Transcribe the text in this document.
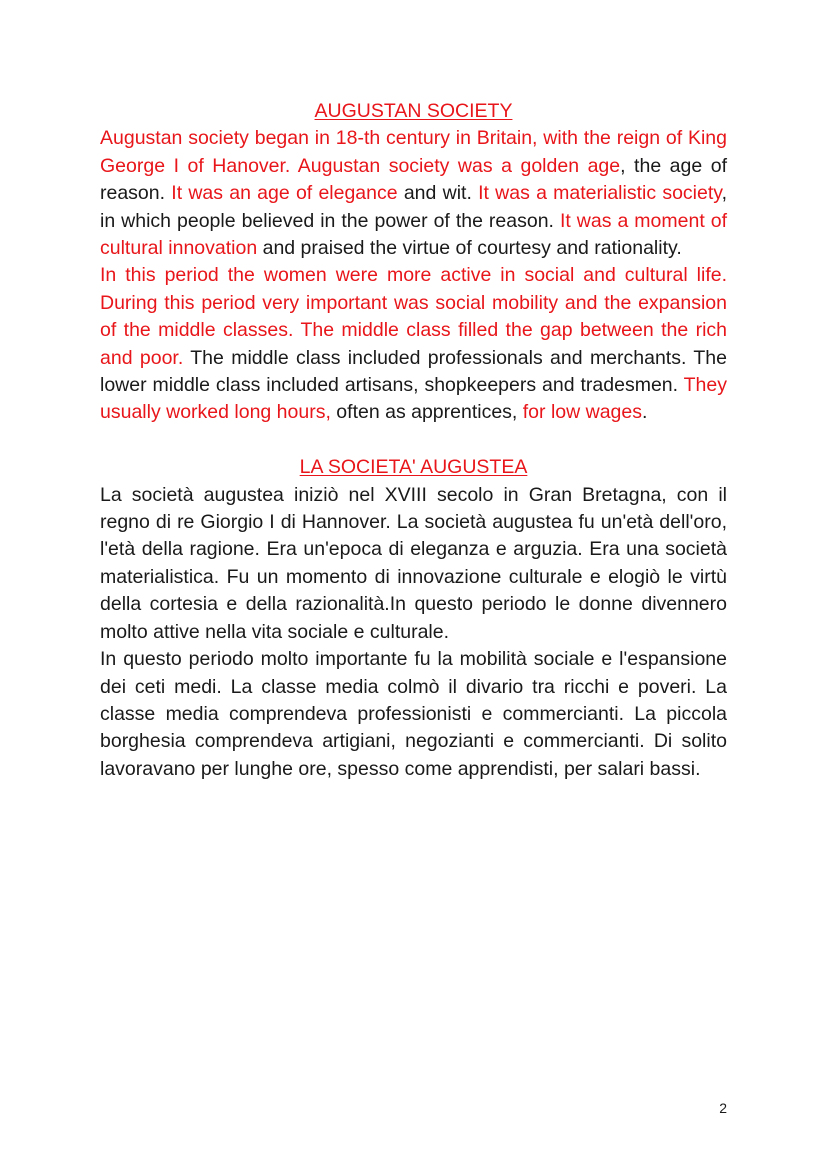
AUGUSTAN SOCIETY

Augustan society began in 18-th century in Britain, with the reign of King George I of Hanover. Augustan society was a golden age, the age of reason. It was an age of elegance and wit. It was a materialistic society, in which people believed in the power of the reason. It was a moment of cultural innovation and praised the virtue of courtesy and rationality.

In this period the women were more active in social and cultural life. During this period very important was social mobility and the expansion of the middle classes. The middle class filled the gap between the rich and poor. The middle class included professionals and merchants. The lower middle class included artisans, shopkeepers and tradesmen. They usually worked long hours, often as apprentices, for low wages.

LA SOCIETA' AUGUSTEA

La società augustea iniziò nel XVIII secolo in Gran Bretagna, con il regno di re Giorgio I di Hannover. La società augustea fu un'età dell'oro, l'età della ragione. Era un'epoca di eleganza e arguzia. Era una società materialistica. Fu un momento di innovazione culturale e elogiò le virtù della cortesia e della razionalità.In questo periodo le donne divennero molto attive nella vita sociale e culturale.

In questo periodo molto importante fu la mobilità sociale e l'espansione dei ceti medi. La classe media colmò il divario tra ricchi e poveri. La classe media comprendeva professionisti e commercianti. La piccola borghesia comprendeva artigiani, negozianti e commercianti. Di solito lavoravano per lunghe ore, spesso come apprendisti, per salari bassi.

2
